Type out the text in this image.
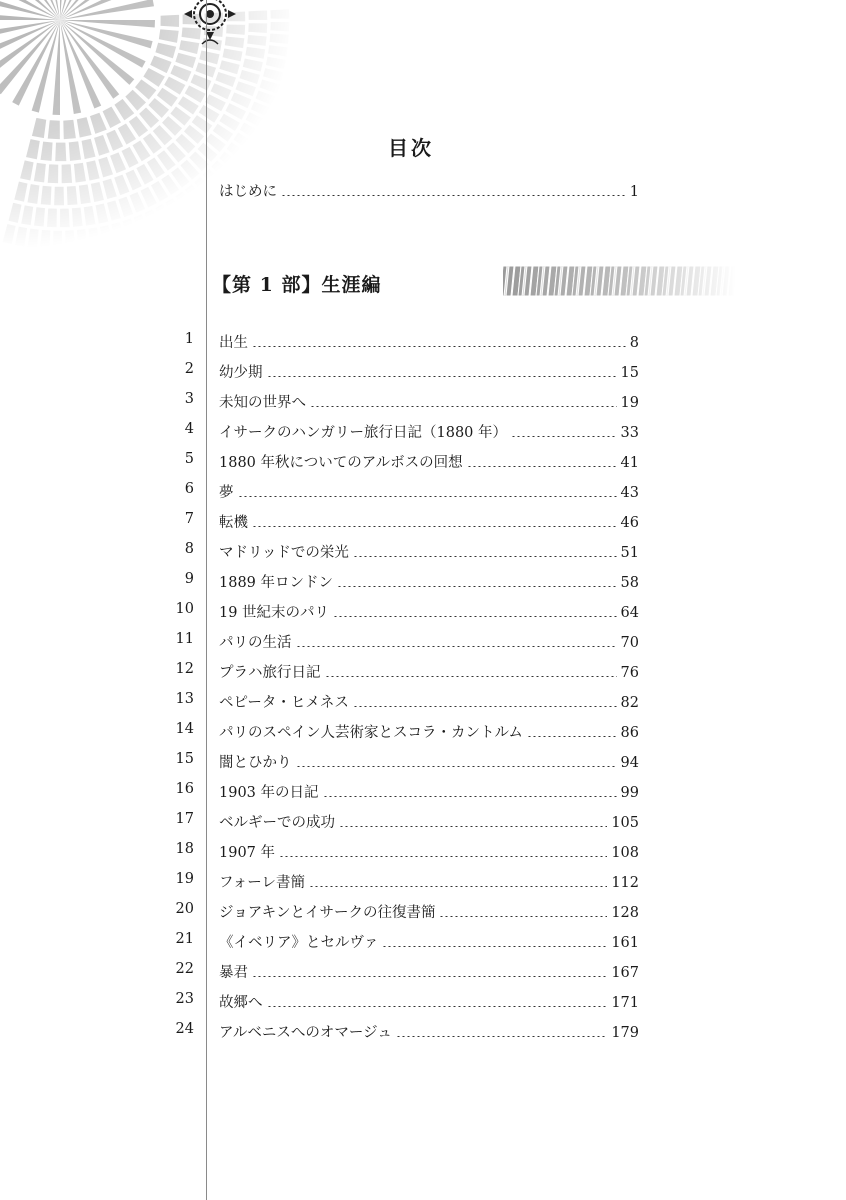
目次
はじめに	1
【第 1 部】生涯編
1 出生	8
2 幼少期	15
3 未知の世界へ	19
4 イサークのハンガリー旅行日記（1880 年）	33
5 1880 年秋についてのアルボスの回想	41
6 夢	43
7 転機	46
8 マドリッドでの栄光	51
9 1889 年ロンドン	58
10 19 世紀末のパリ	64
11 パリの生活	70
12 プラハ旅行日記	76
13 ペピータ・ヒメネス	82
14 パリのスペイン人芸術家とスコラ・カントルム	86
15 闇とひかり	94
16 1903 年の日記	99
17 ベルギーでの成功	105
18 1907 年	108
19 フォーレ書簡	112
20 ジョアキンとイサークの往復書簡	128
21 《イベリア》とセルヴァ	161
22 暴君	167
23 故郷へ	171
24 アルベニスへのオマージュ	179
